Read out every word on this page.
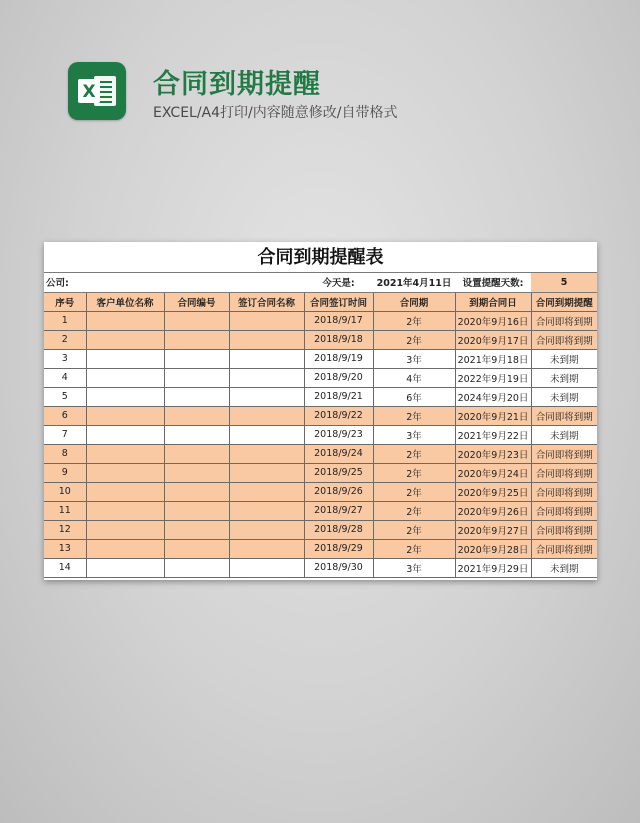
X 合同到期提醒
EXCEL/A4打印/内容随意修改/自带格式
合同到期提醒表
公司:				今天是:	2021年4月11日	设置提醒天数:	5
序号	客户单位名称	合同编号	签订合同名称	合同签订时间	合同期	到期合同日	合同到期提醒
1				2018/9/17	2年	2020年9月16日	合同即将到期
2				2018/9/18	2年	2020年9月17日	合同即将到期
3				2018/9/19	3年	2021年9月18日	未到期
4				2018/9/20	4年	2022年9月19日	未到期
5				2018/9/21	6年	2024年9月20日	未到期
6				2018/9/22	2年	2020年9月21日	合同即将到期
7				2018/9/23	3年	2021年9月22日	未到期
8				2018/9/24	2年	2020年9月23日	合同即将到期
9				2018/9/25	2年	2020年9月24日	合同即将到期
10				2018/9/26	2年	2020年9月25日	合同即将到期
11				2018/9/27	2年	2020年9月26日	合同即将到期
12				2018/9/28	2年	2020年9月27日	合同即将到期
13				2018/9/29	2年	2020年9月28日	合同即将到期
14				2018/9/30	3年	2021年9月29日	未到期
